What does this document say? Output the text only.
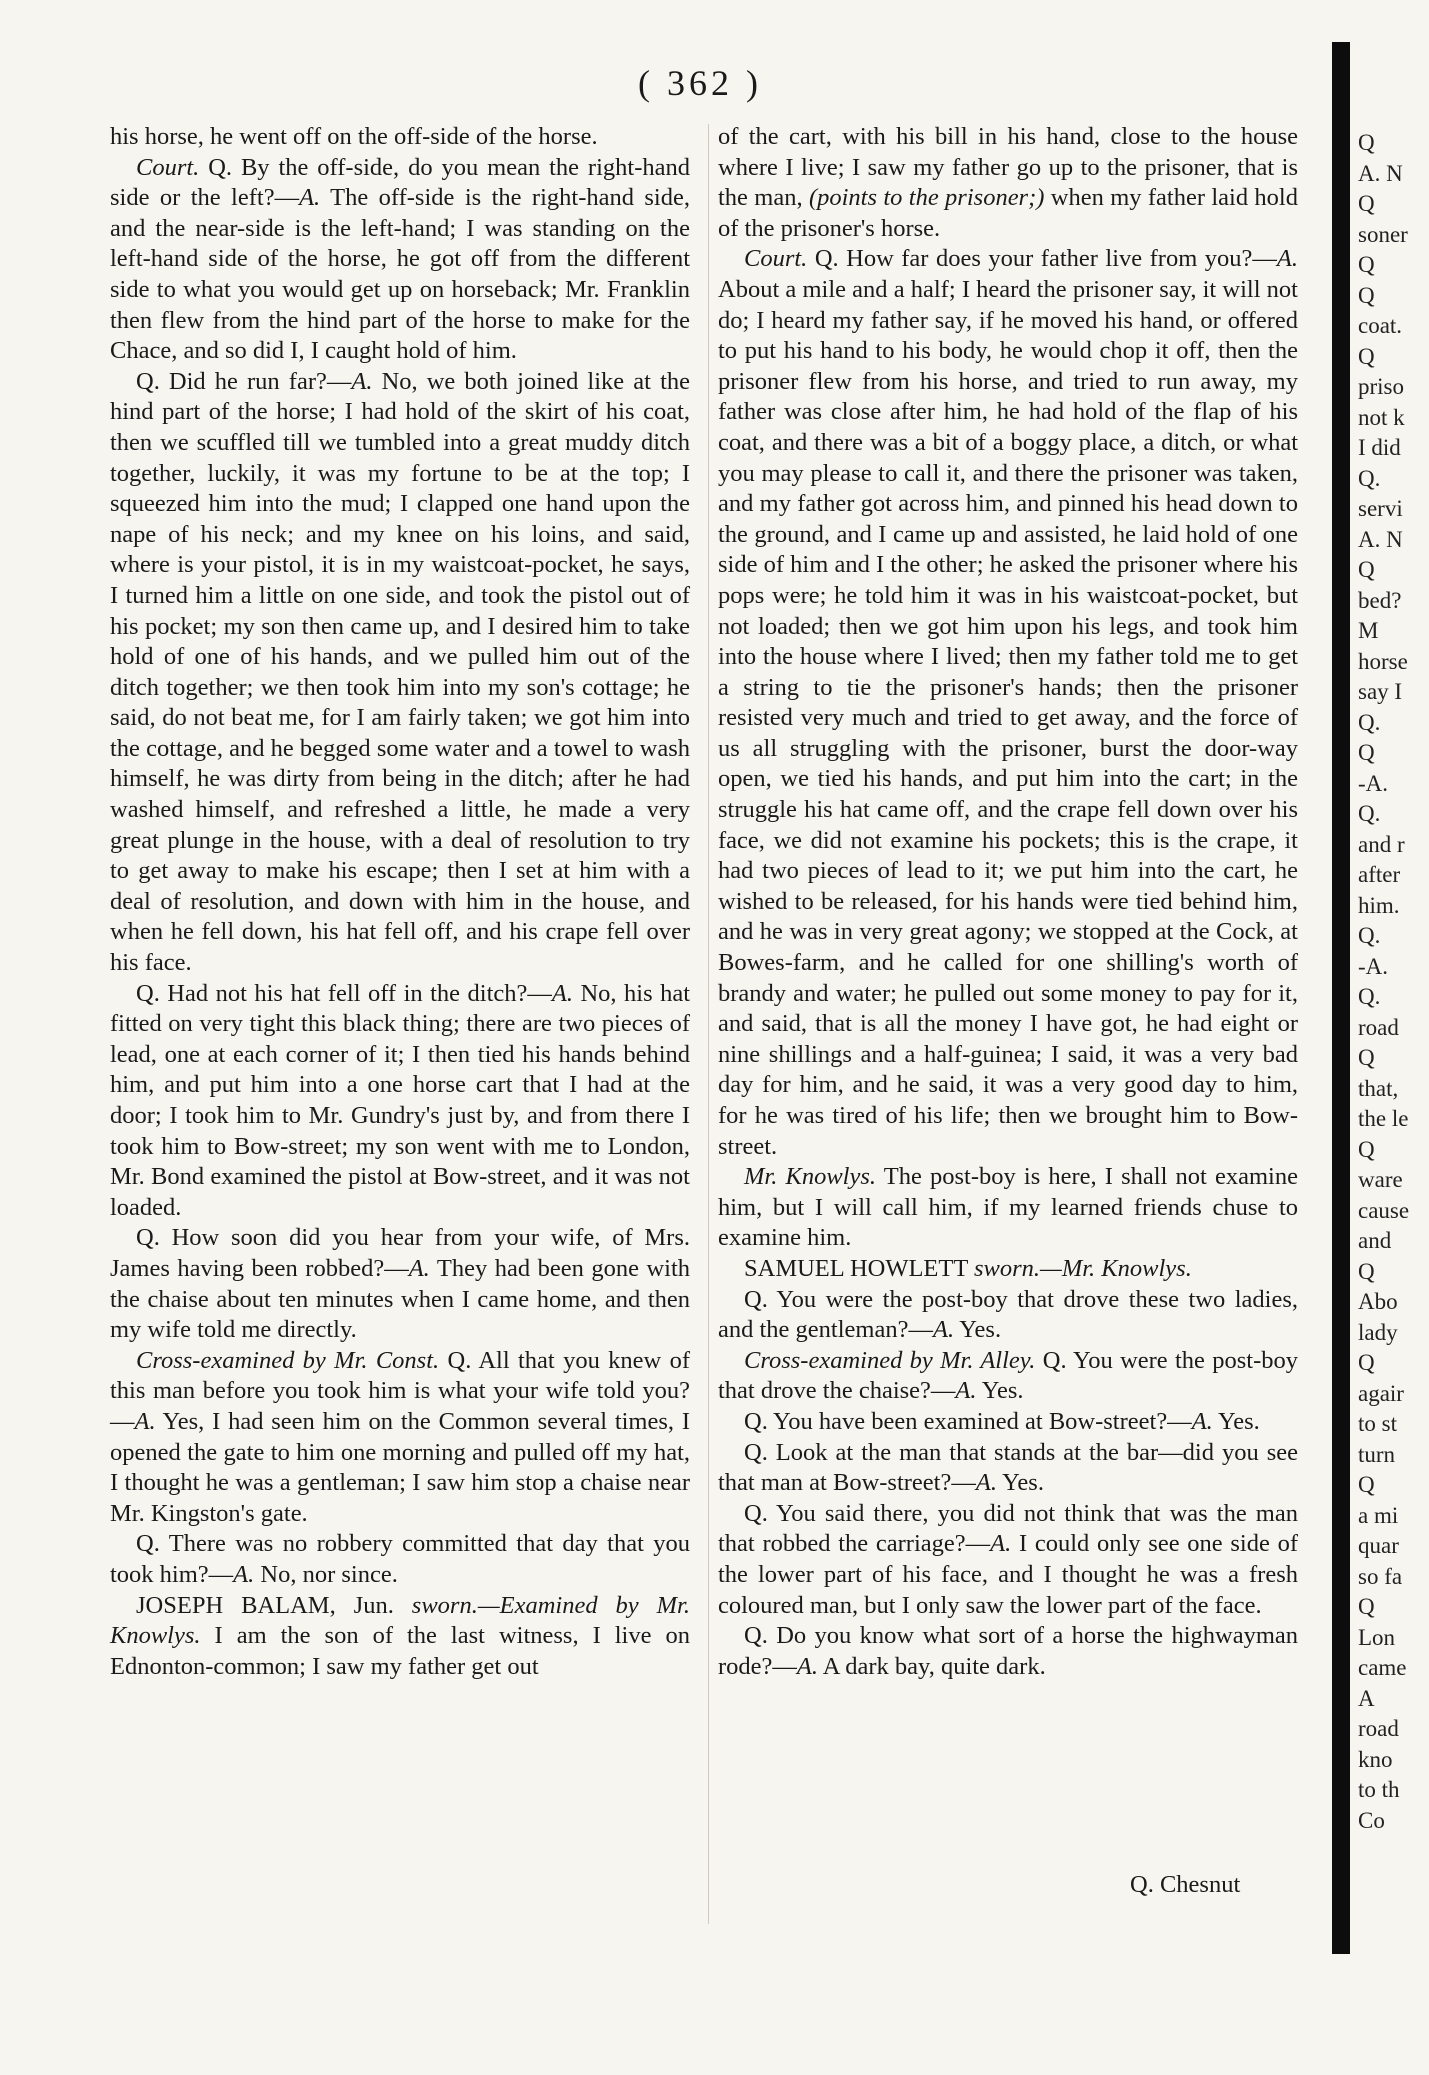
( 362 )

his horse, he went off on the off-side of the horse.

Court. Q. By the off-side, do you mean the right-hand side or the left?—A. The off-side is the right-hand side, and the near-side is the left-hand; I was standing on the left-hand side of the horse, he got off from the different side to what you would get up on horseback; Mr. Franklin then flew from the hind part of the horse to make for the Chace, and so did I, I caught hold of him.

Q. Did he run far?—A. No, we both joined like at the hind part of the horse; I had hold of the skirt of his coat, then we scuffled till we tumbled into a great muddy ditch together, luckily, it was my fortune to be at the top; I squeezed him into the mud; I clapped one hand upon the nape of his neck; and my knee on his loins, and said, where is your pistol, it is in my waistcoat-pocket, he says, I turned him a little on one side, and took the pistol out of his pocket; my son then came up, and I desired him to take hold of one of his hands, and we pulled him out of the ditch together; we then took him into my son's cottage; he said, do not beat me, for I am fairly taken; we got him into the cottage, and he begged some water and a towel to wash himself, he was dirty from being in the ditch; after he had washed himself, and refreshed a little, he made a very great plunge in the house, with a deal of resolution to try to get away to make his escape; then I set at him with a deal of resolution, and down with him in the house, and when he fell down, his hat fell off, and his crape fell over his face.

Q. Had not his hat fell off in the ditch?—A. No, his hat fitted on very tight this black thing; there are two pieces of lead, one at each corner of it; I then tied his hands behind him, and put him into a one horse cart that I had at the door; I took him to Mr. Gundry's just by, and from there I took him to Bow-street; my son went with me to London, Mr. Bond examined the pistol at Bow-street, and it was not loaded.

Q. How soon did you hear from your wife, of Mrs. James having been robbed?—A. They had been gone with the chaise about ten minutes when I came home, and then my wife told me directly.

Cross-examined by Mr. Const. Q. All that you knew of this man before you took him is what your wife told you?—A. Yes, I had seen him on the Common several times, I opened the gate to him one morning and pulled off my hat, I thought he was a gentleman; I saw him stop a chaise near Mr. Kingston's gate.

Q. There was no robbery committed that day that you took him?—A. No, nor since.

JOSEPH BALAM, Jun. sworn.—Examined by Mr. Knowlys. I am the son of the last witness, I live on Ednonton-common; I saw my father get out

of the cart, with his bill in his hand, close to the house where I live; I saw my father go up to the prisoner, that is the man, (points to the prisoner;) when my father laid hold of the prisoner's horse.

Court. Q. How far does your father live from you?—A. About a mile and a half; I heard the prisoner say, it will not do; I heard my father say, if he moved his hand, or offered to put his hand to his body, he would chop it off, then the prisoner flew from his horse, and tried to run away, my father was close after him, he had hold of the flap of his coat, and there was a bit of a boggy place, a ditch, or what you may please to call it, and there the prisoner was taken, and my father got across him, and pinned his head down to the ground, and I came up and assisted, he laid hold of one side of him and I the other; he asked the prisoner where his pops were; he told him it was in his waistcoat-pocket, but not loaded; then we got him upon his legs, and took him into the house where I lived; then my father told me to get a string to tie the prisoner's hands; then the prisoner resisted very much and tried to get away, and the force of us all struggling with the prisoner, burst the door-way open, we tied his hands, and put him into the cart; in the struggle his hat came off, and the crape fell down over his face, we did not examine his pockets; this is the crape, it had two pieces of lead to it; we put him into the cart, he wished to be released, for his hands were tied behind him, and he was in very great agony; we stopped at the Cock, at Bowes-farm, and he called for one shilling's worth of brandy and water; he pulled out some money to pay for it, and said, that is all the money I have got, he had eight or nine shillings and a half-guinea; I said, it was a very bad day for him, and he said, it was a very good day to him, for he was tired of his life; then we brought him to Bow-street.

Mr. Knowlys. The post-boy is here, I shall not examine him, but I will call him, if my learned friends chuse to examine him.

SAMUEL HOWLETT sworn.—Mr. Knowlys.

Q. You were the post-boy that drove these two ladies, and the gentleman?—A. Yes.

Cross-examined by Mr. Alley. Q. You were the post-boy that drove the chaise?—A. Yes.

Q. You have been examined at Bow-street?—A. Yes.

Q. Look at the man that stands at the bar—did you see that man at Bow-street?—A. Yes.

Q. You said there, you did not think that was the man that robbed the carriage?—A. I could only see one side of the lower part of his face, and I thought he was a fresh coloured man, but I only saw the lower part of the face.

Q. Do you know what sort of a horse the highwayman rode?—A. A dark bay, quite dark.

Q. Chesnut
Q
A. N
Q
soner
Q
Q
coat.
Q
priso
not k
I did
Q.
servi
A. N
Q
bed?
M
horse
say I
Q.
Q
-A.
Q.
and r
after
him.
Q.
-A.
Q.
road
Q
that,
the le
Q
ware
cause
and
Q
Abo
lady
Q
agair
to st
turn
Q
a mi
quar
so fa
Q
Lon
came
A
road
kno
to th
Co
